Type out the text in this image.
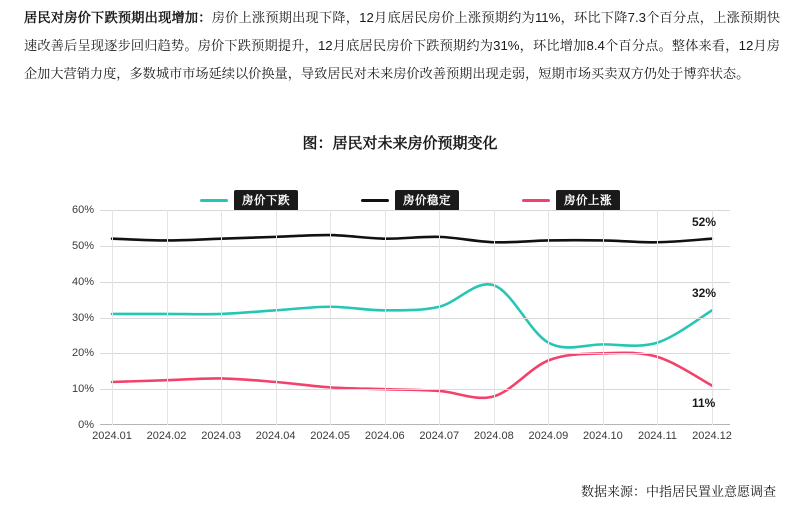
居民对房价下跌预期出现增加：房价上涨预期出现下降，12月底居民房价上涨预期约为11%，环比下降7.3个百分点，上涨预期快速改善后呈现逐步回归趋势。房价下跌预期提升，12月底居民房价下跌预期约为31%，环比增加8.4个百分点。整体来看，12月房企加大营销力度，多数城市市场延续以价换量，导致居民对未来房价改善预期出现走弱，短期市场买卖双方仍处于博弈状态。
图：居民对未来房价预期变化
房价下跌	房价稳定	房价上涨
0%
10%
20%
30%
40%
50%
60%
2024.01 2024.02 2024.03 2024.04 2024.05 2024.06 2024.07 2024.08 2024.09 2024.10 2024.11 2024.12
52%
32%
11%
数据来源：中指居民置业意愿调查
